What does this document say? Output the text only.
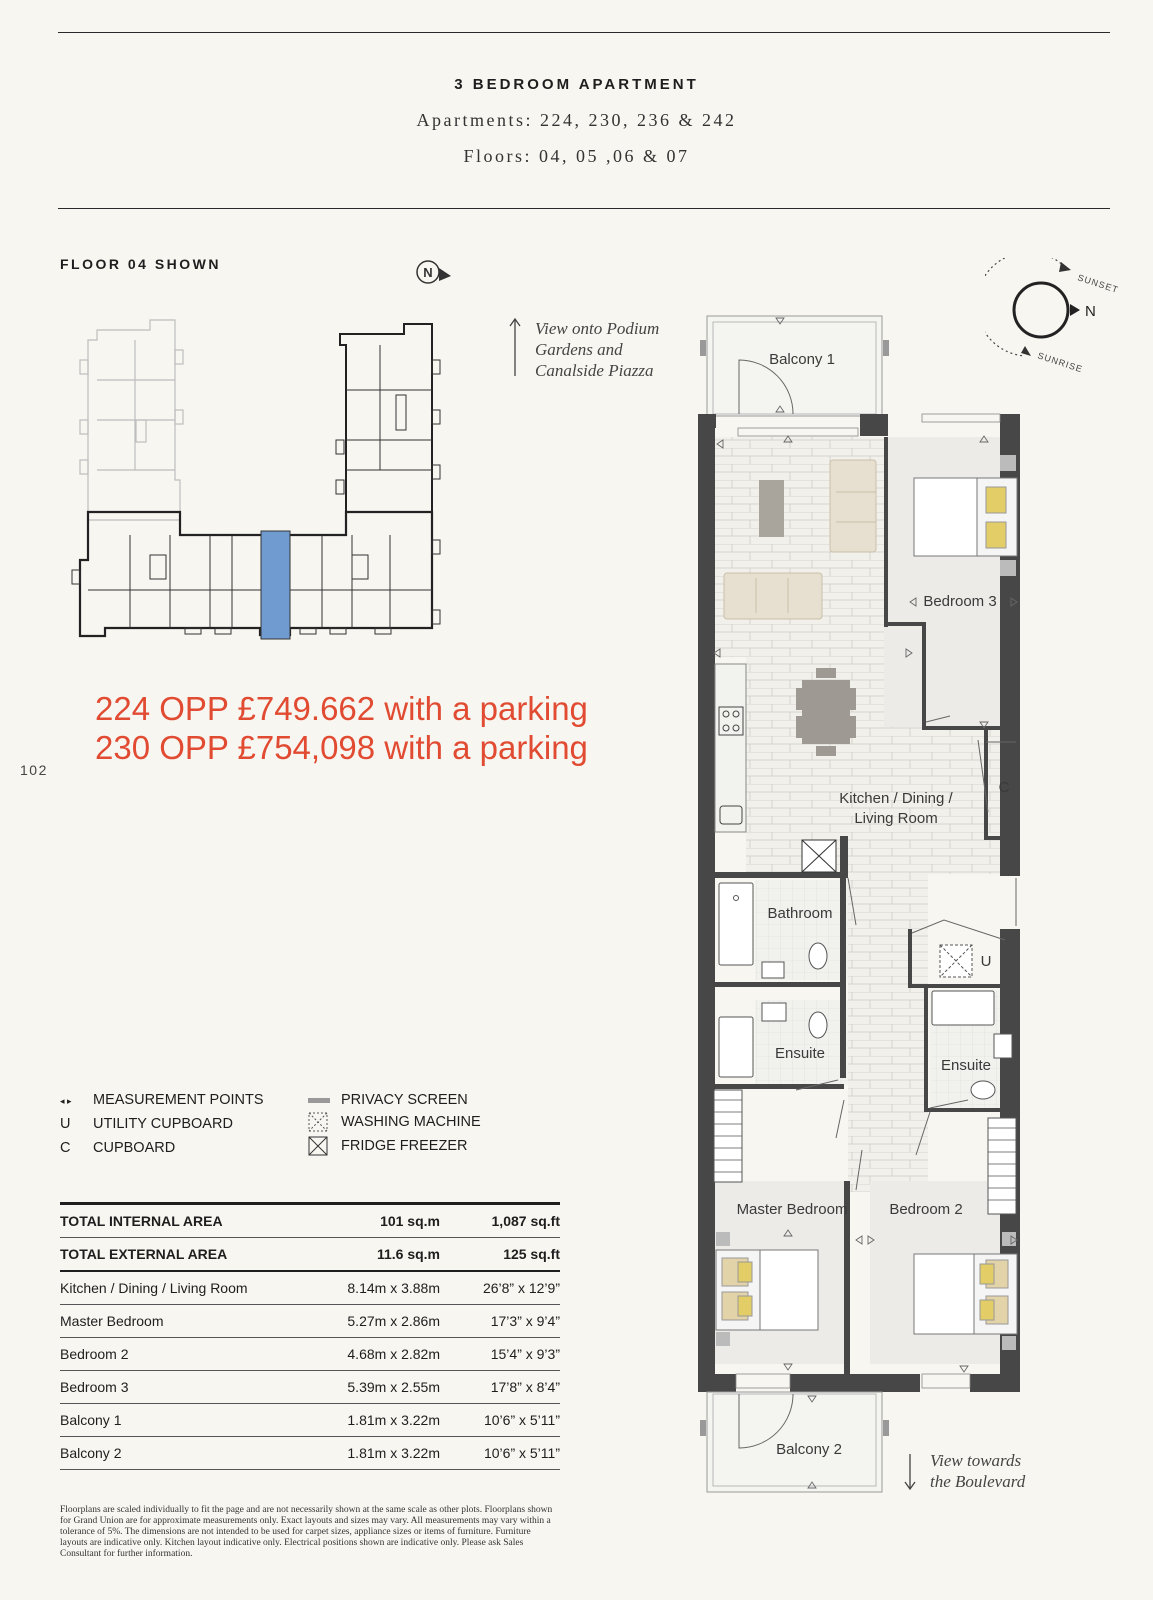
3 BEDROOM APARTMENT
Apartments: 224, 230, 236 & 242
Floors: 04, 05 ,06 & 07
FLOOR 04 SHOWN
N
224 OPP £749.662 with a parking
230 OPP £754,098 with a parking
102
View onto Podium
Gardens and
Canalside Piazza
View towards
the Boulevard
N
SUNSET
SUNRISE
Balcony 1
Balcony 2
Bedroom 3
Kitchen / Dining /
Living Room
Bathroom
Ensuite
Ensuite
Master Bedroom	Bedroom 2
C
U
◂ ▸ MEASUREMENT POINTS
U UTILITY CUPBOARD
C CUPBOARD
PRIVACY SCREEN
WASHING MACHINE
FRIDGE FREEZER
TOTAL INTERNAL AREA	101 sq.m	1,087 sq.ft
TOTAL EXTERNAL AREA	11.6 sq.m	125 sq.ft
Kitchen / Dining / Living Room	8.14m x 3.88m	26’8” x 12’9”
Master Bedroom	5.27m x 2.86m	17’3” x 9’4”
Bedroom 2	4.68m x 2.82m	15’4” x 9’3”
Bedroom 3	5.39m x 2.55m	17’8” x 8’4”
Balcony 1	1.81m x 3.22m	10’6” x 5’11”
Balcony 2	1.81m x 3.22m	10’6” x 5’11”
Floorplans are scaled individually to fit the page and are not necessarily shown at the same scale as other plots. Floorplans shown for Grand Union are for approximate measurements only. Exact layouts and sizes may vary. All measurements may vary within a tolerance of 5%. The dimensions are not intended to be used for carpet sizes, appliance sizes or items of furniture. Furniture layouts are indicative only. Kitchen layout indicative only. Electrical positions shown are indicative only. Please ask Sales Consultant for further information.
